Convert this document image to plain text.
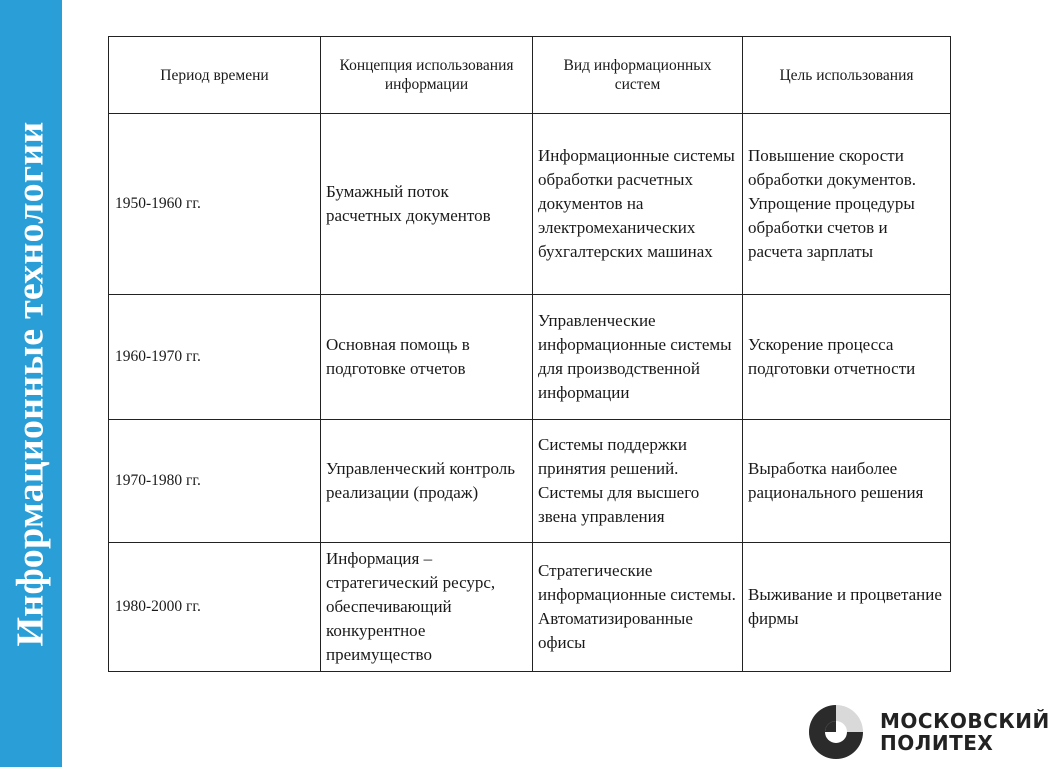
Информационные технологии
Период времени	Концепция использования информации	Вид информационных систем	Цель использования
1950-1960 гг.	Бумажный поток расчетных документов	Информационные системы обработки расчетных документов на электромеханических бухгалтерских машинах	Повышение скорости обработки документов. Упрощение процедуры обработки счетов и расчета зарплаты
1960-1970 гг.	Основная помощь в подготовке отчетов	Управленческие информационные системы для производственной информации	Ускорение процесса подготовки отчетности
1970-1980 гг.	Управленческий контроль реализации (продаж)	Системы поддержки принятия решений. Системы для высшего звена управления	Выработка наиболее рационального решения
1980-2000 гг.	Информация – стратегический ресурс, обеспечивающий конкурентное преимущество	Стратегические информационные системы. Автоматизированные офисы	Выживание и процветание фирмы
МОСКОВСКИЙ
ПОЛИТЕХ
